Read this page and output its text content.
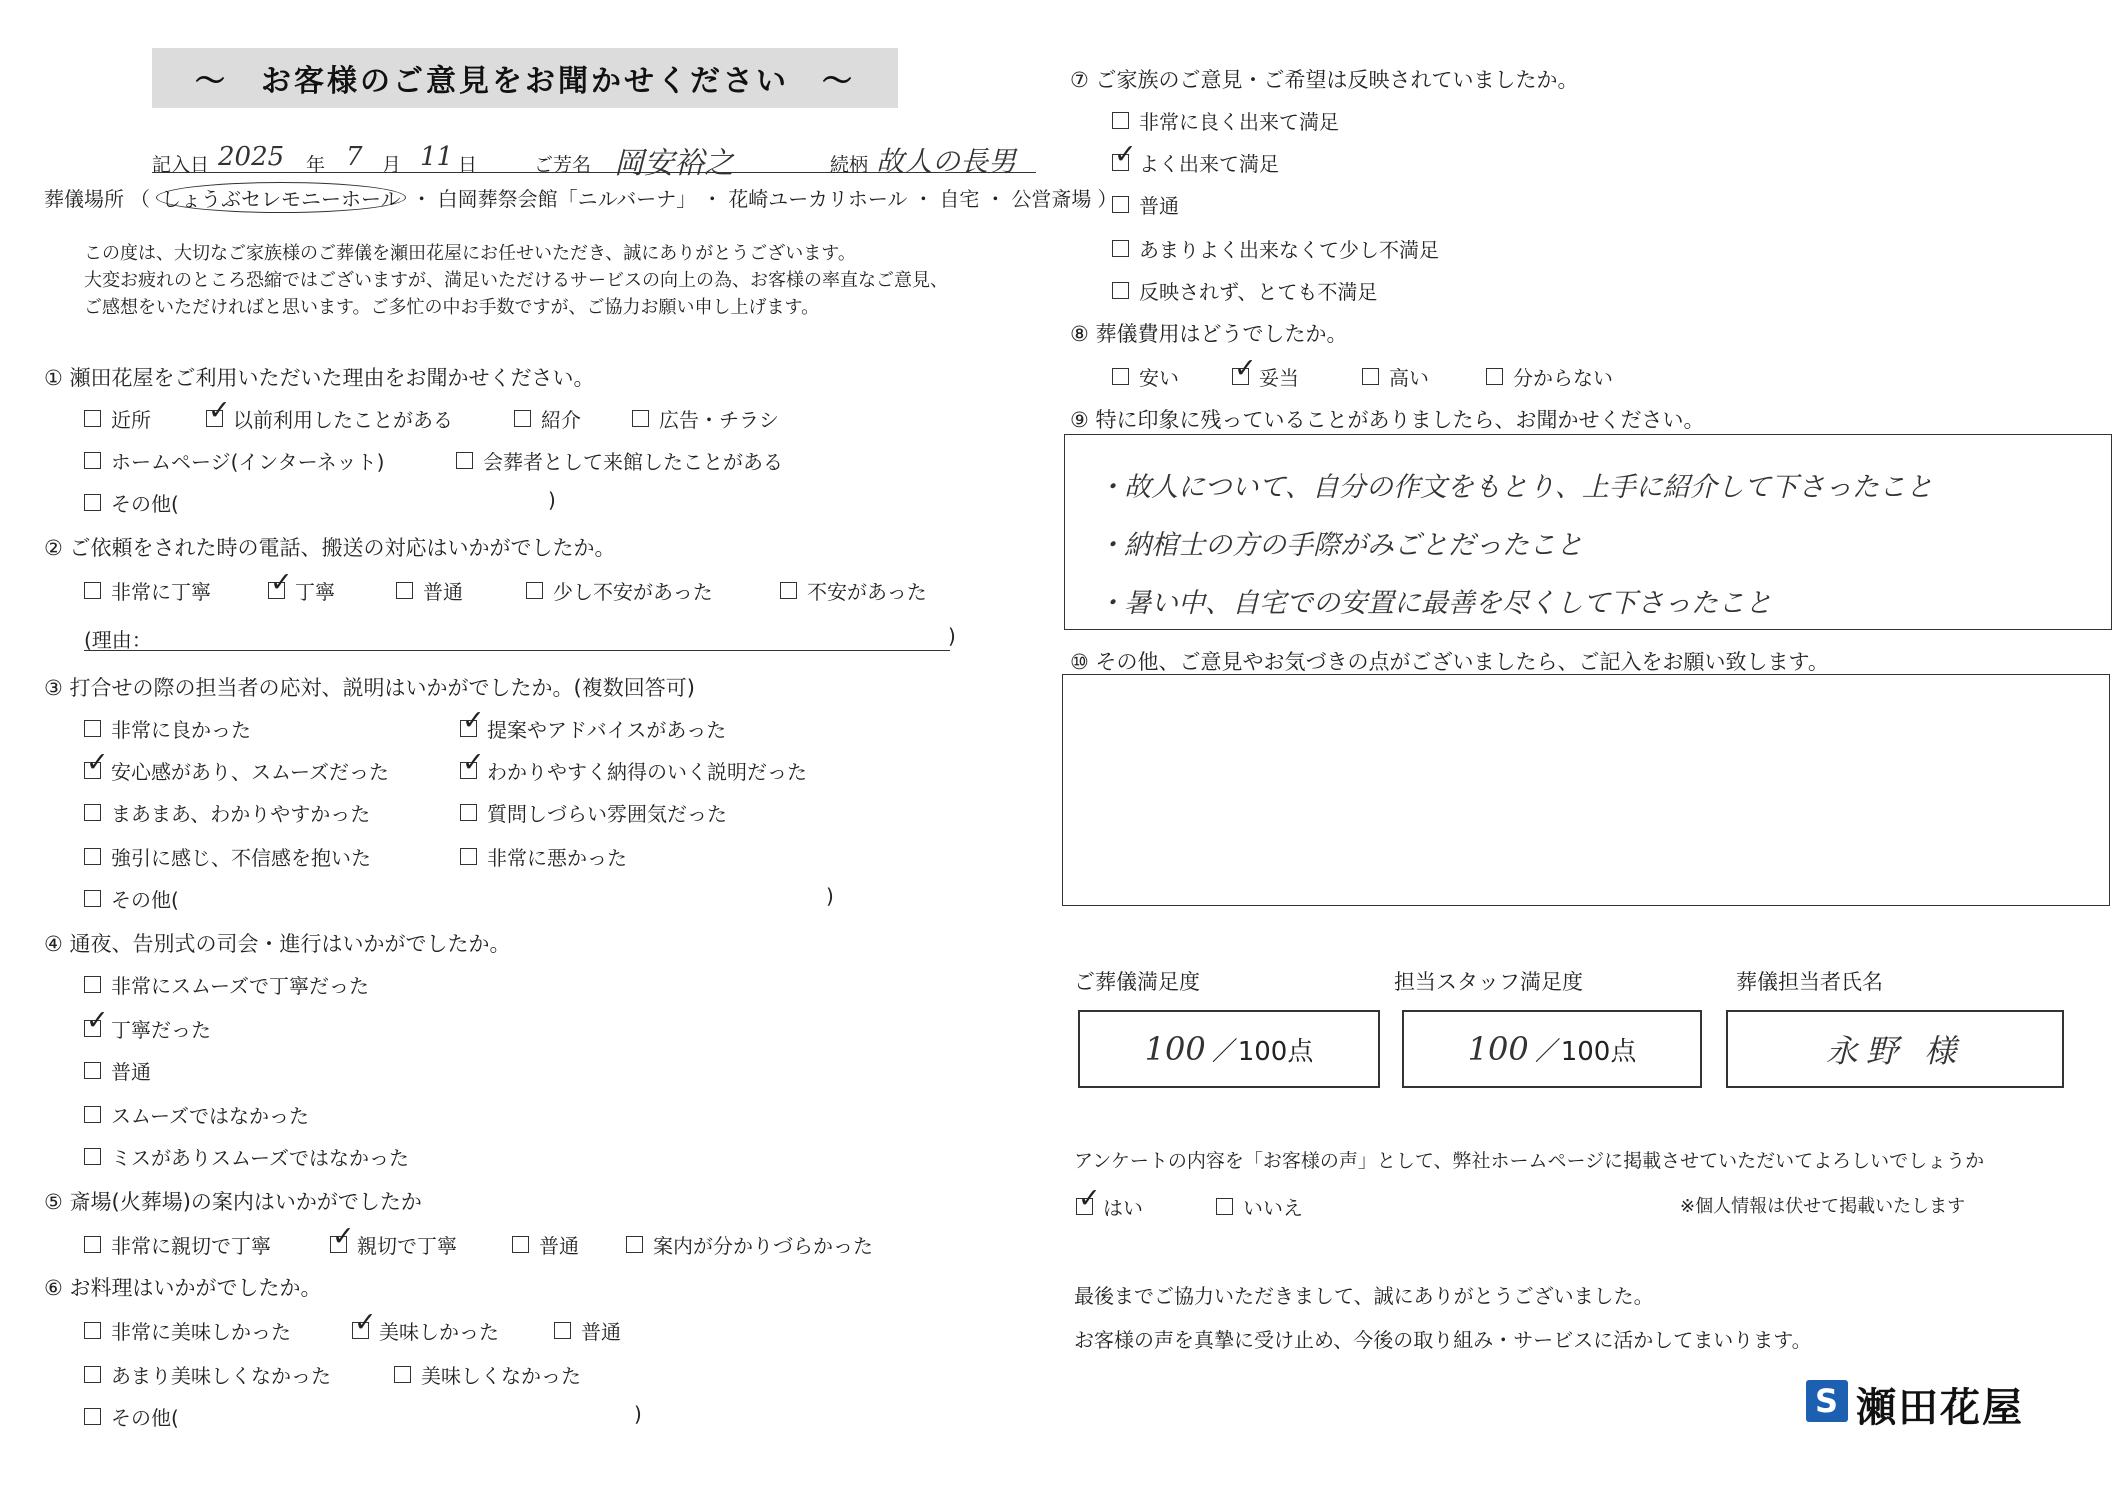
〜　お客様のご意見をお聞かせください　〜
記入日 2025 年 7 月 11 日	ご芳名 岡安裕之	続柄 故人の長男
葬儀場所 （ しょうぶセレモニーホール ・ 白岡葬祭会館「ニルバーナ」 ・ 花崎ユーカリホール ・ 自宅 ・ 公営斎場 ）
この度は、大切なご家族様のご葬儀を瀬田花屋にお任せいただき、誠にありがとうございます。
大変お疲れのところ恐縮ではございますが、満足いただけるサービスの向上の為、お客様の率直なご意見、
ご感想をいただければと思います。ご多忙の中お手数ですが、ご協力お願い申し上げます。
① 瀬田花屋をご利用いただいた理由をお聞かせください。
近所 ✓	以前利用したことがある	紹介	広告・チラシ
ホームページ(インターネット)	会葬者として来館したことがある
その他(	)
② ご依頼をされた時の電話、搬送の対応はいかがでしたか。
非常に丁寧 ✓	丁寧	普通	少し不安があった	不安があった
(理由：	)
③ 打合せの際の担当者の応対、説明はいかがでしたか。(複数回答可)
非常に良かった ✓	提案やアドバイスがあった
✓
安心感があり、スムーズだった ✓	わかりやすく納得のいく説明だった
まあまあ、わかりやすかった	質問しづらい雰囲気だった
強引に感じ、不信感を抱いた	非常に悪かった
その他(	)
④ 通夜、告別式の司会・進行はいかがでしたか。
非常にスムーズで丁寧だった
✓
丁寧だった
普通
スムーズではなかった
ミスがありスムーズではなかった
⑤ 斎場(火葬場)の案内はいかがでしたか
非常に親切で丁寧 ✓	親切で丁寧	普通	案内が分かりづらかった
⑥ お料理はいかがでしたか。
非常に美味しかった ✓	美味しかった	普通
あまり美味しくなかった	美味しくなかった
その他(	)
⑦ ご家族のご意見・ご希望は反映されていましたか。
非常に良く出来て満足
✓
よく出来て満足
普通
あまりよく出来なくて少し不満足
反映されず、とても不満足
⑧ 葬儀費用はどうでしたか。
安い ✓	妥当	高い	分からない
⑨ 特に印象に残っていることがありましたら、お聞かせください。
・故人について、自分の作文をもとり、上手に紹介して下さったこと
・納棺士の方の手際がみごとだったこと
・暑い中、自宅での安置に最善を尽くして下さったこと
⑩ その他、ご意見やお気づきの点がございましたら、ご記入をお願い致します。
ご葬儀満足度	担当スタッフ満足度	葬儀担当者氏名
100 ／100点	100 ／100点	永野 様
アンケートの内容を「お客様の声」として、弊社ホームページに掲載させていただいてよろしいでしょうか
✓
はい	いいえ	※個人情報は伏せて掲載いたします
最後までご協力いただきまして、誠にありがとうございました。
お客様の声を真摯に受け止め、今後の取り組み・サービスに活かしてまいります。
S
瀬田花屋
